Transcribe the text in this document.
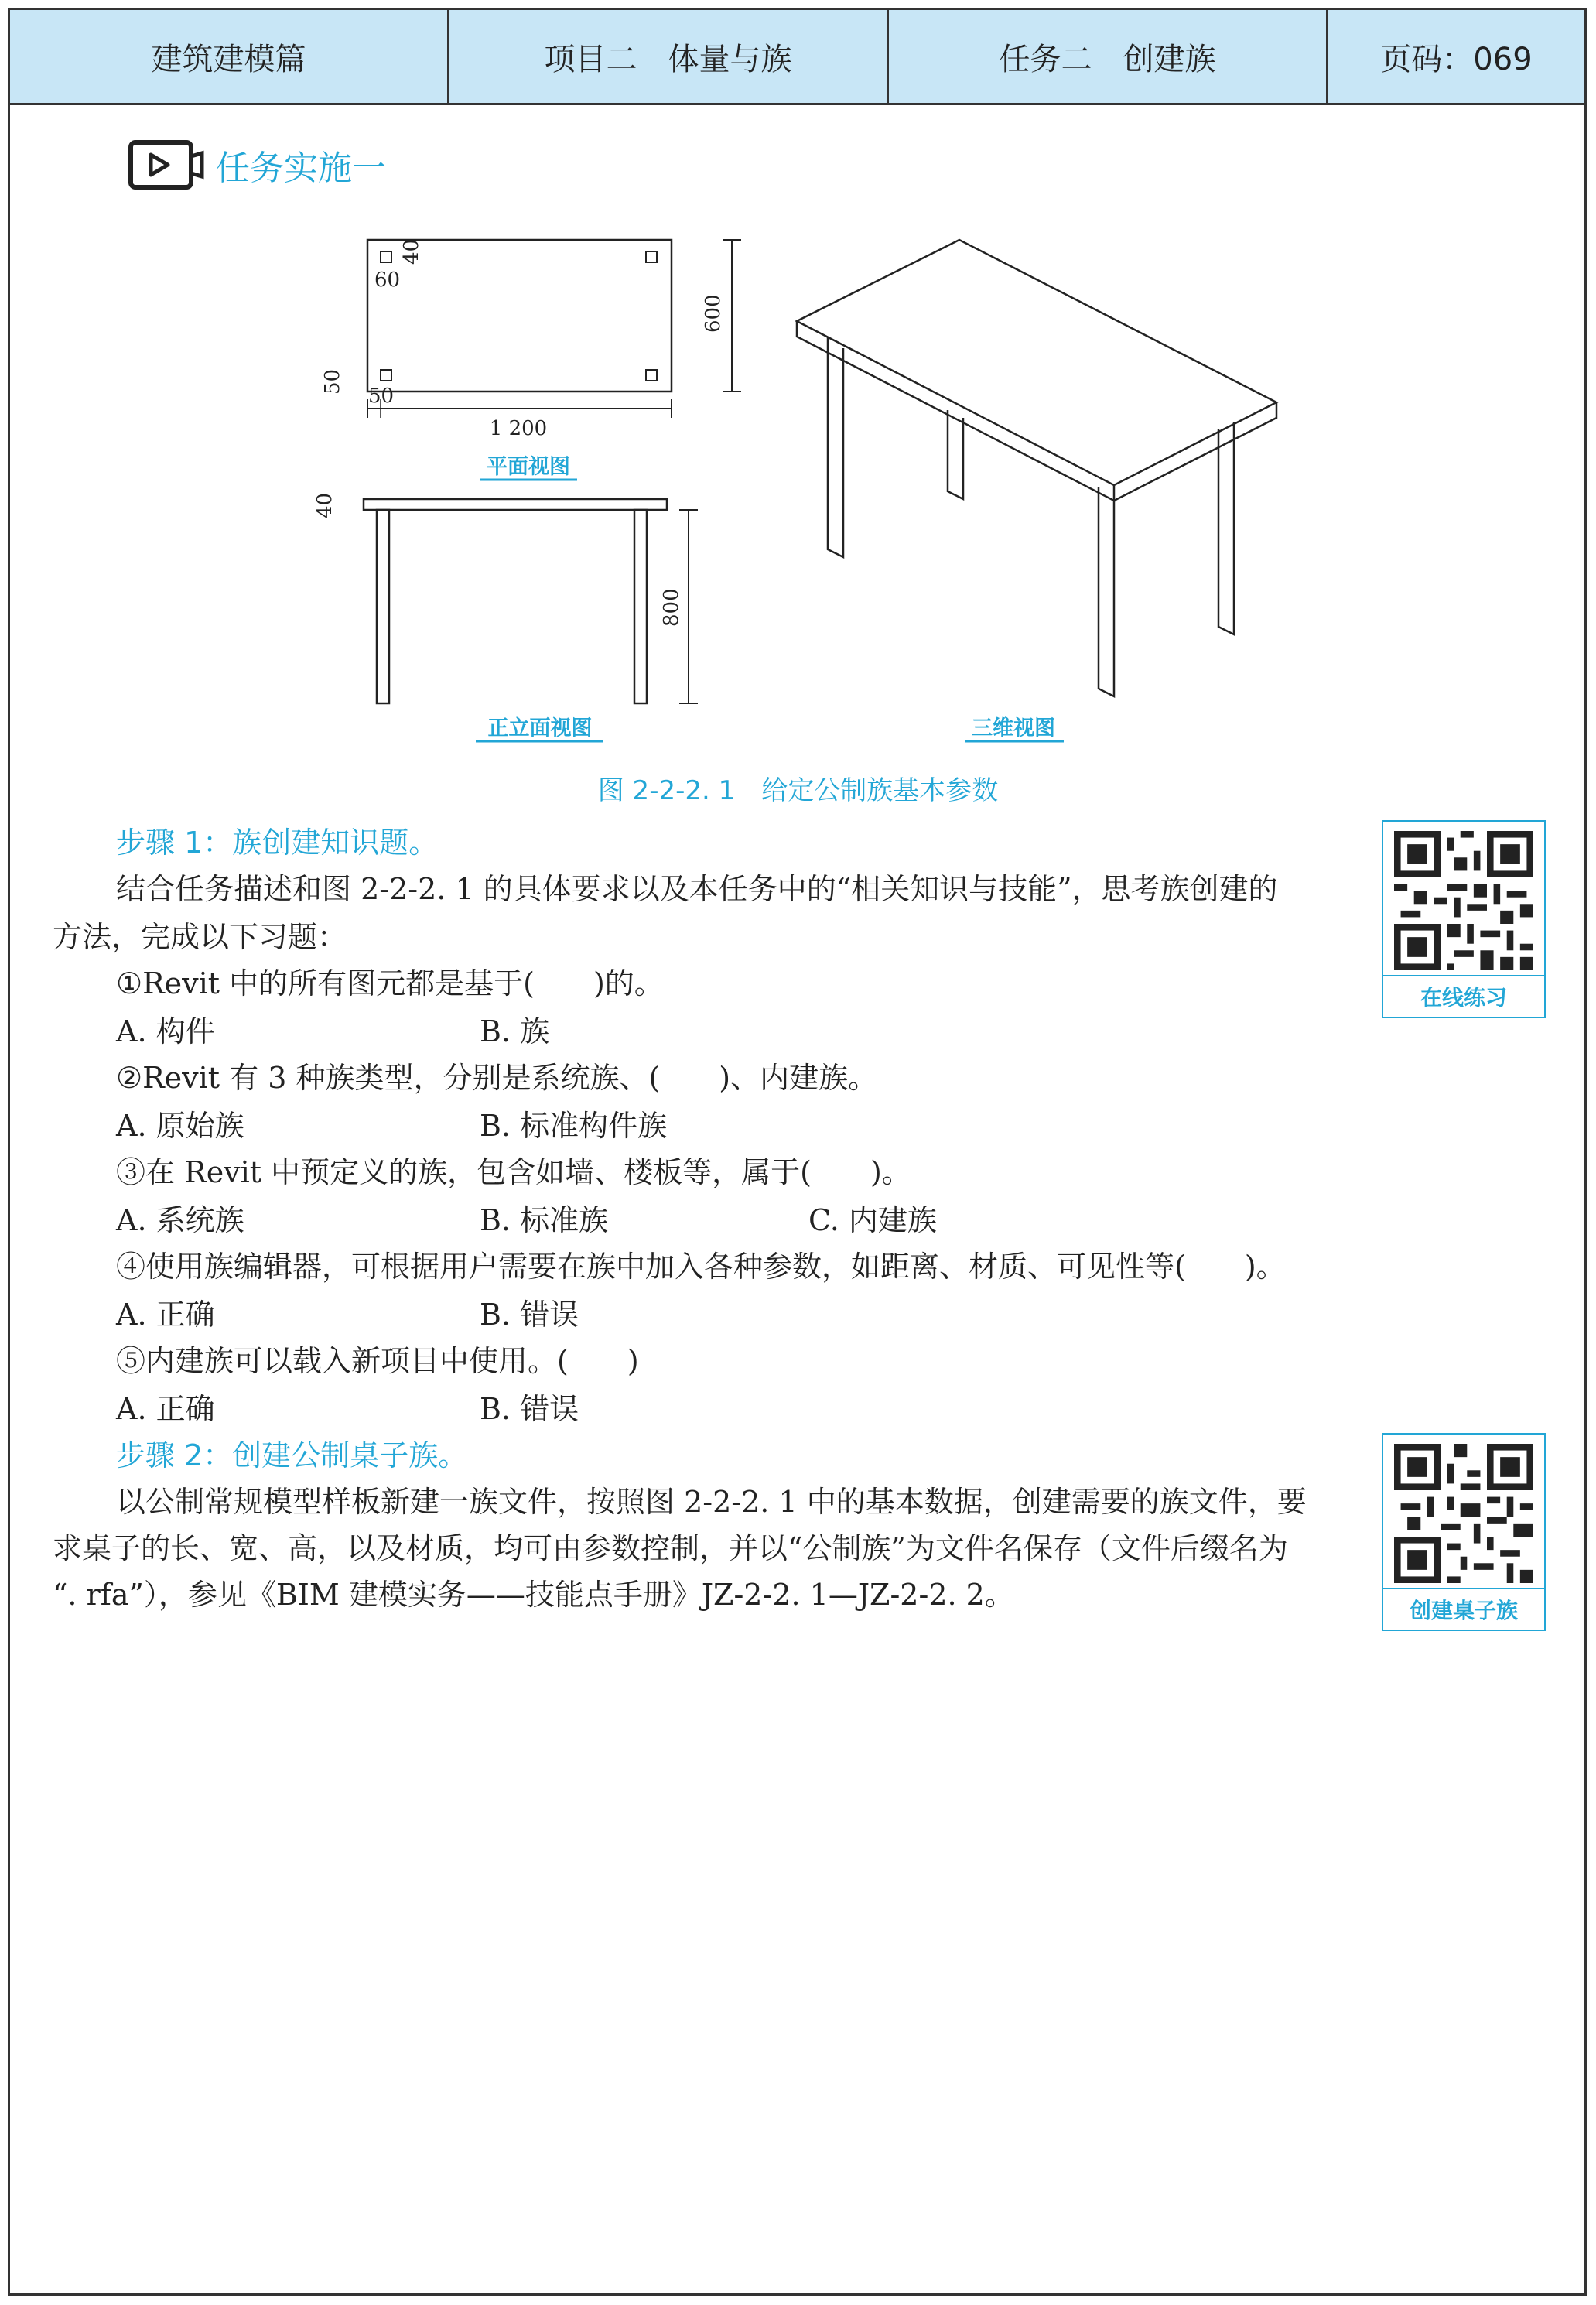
建筑建模篇	项目二　体量与族	任务二　创建族	页码：069
任务实施一
1 200
50
50
60
40
600
平面视图
40
800
正立面视图	三维视图
图 2-2-2. 1　给定公制族基本参数
步骤 1：族创建知识题。
结合任务描述和图 2-2-2. 1 的具体要求以及本任务中的“相关知识与技能”，思考族创建的
方法，完成以下习题：
①Revit 中的所有图元都是基于(　　)的。
A. 构件	B. 族
②Revit 有 3 种族类型，分别是系统族、(　　)、内建族。
A. 原始族	B. 标准构件族
③在 Revit 中预定义的族，包含如墙、楼板等，属于(　　)。
A. 系统族	B. 标准族	C. 内建族
④使用族编辑器，可根据用户需要在族中加入各种参数，如距离、材质、可见性等(　　)。
A. 正确	B. 错误
⑤内建族可以载入新项目中使用。(　　)
A. 正确	B. 错误
步骤 2：创建公制桌子族。
以公制常规模型样板新建一族文件，按照图 2-2-2. 1 中的基本数据，创建需要的族文件，要
求桌子的长、宽、高，以及材质，均可由参数控制，并以“公制族”为文件名保存（文件后缀名为
“. rfa”），参见《BIM 建模实务——技能点手册》JZ-2-2. 1—JZ-2-2. 2。
在线练习
创建桌子族
